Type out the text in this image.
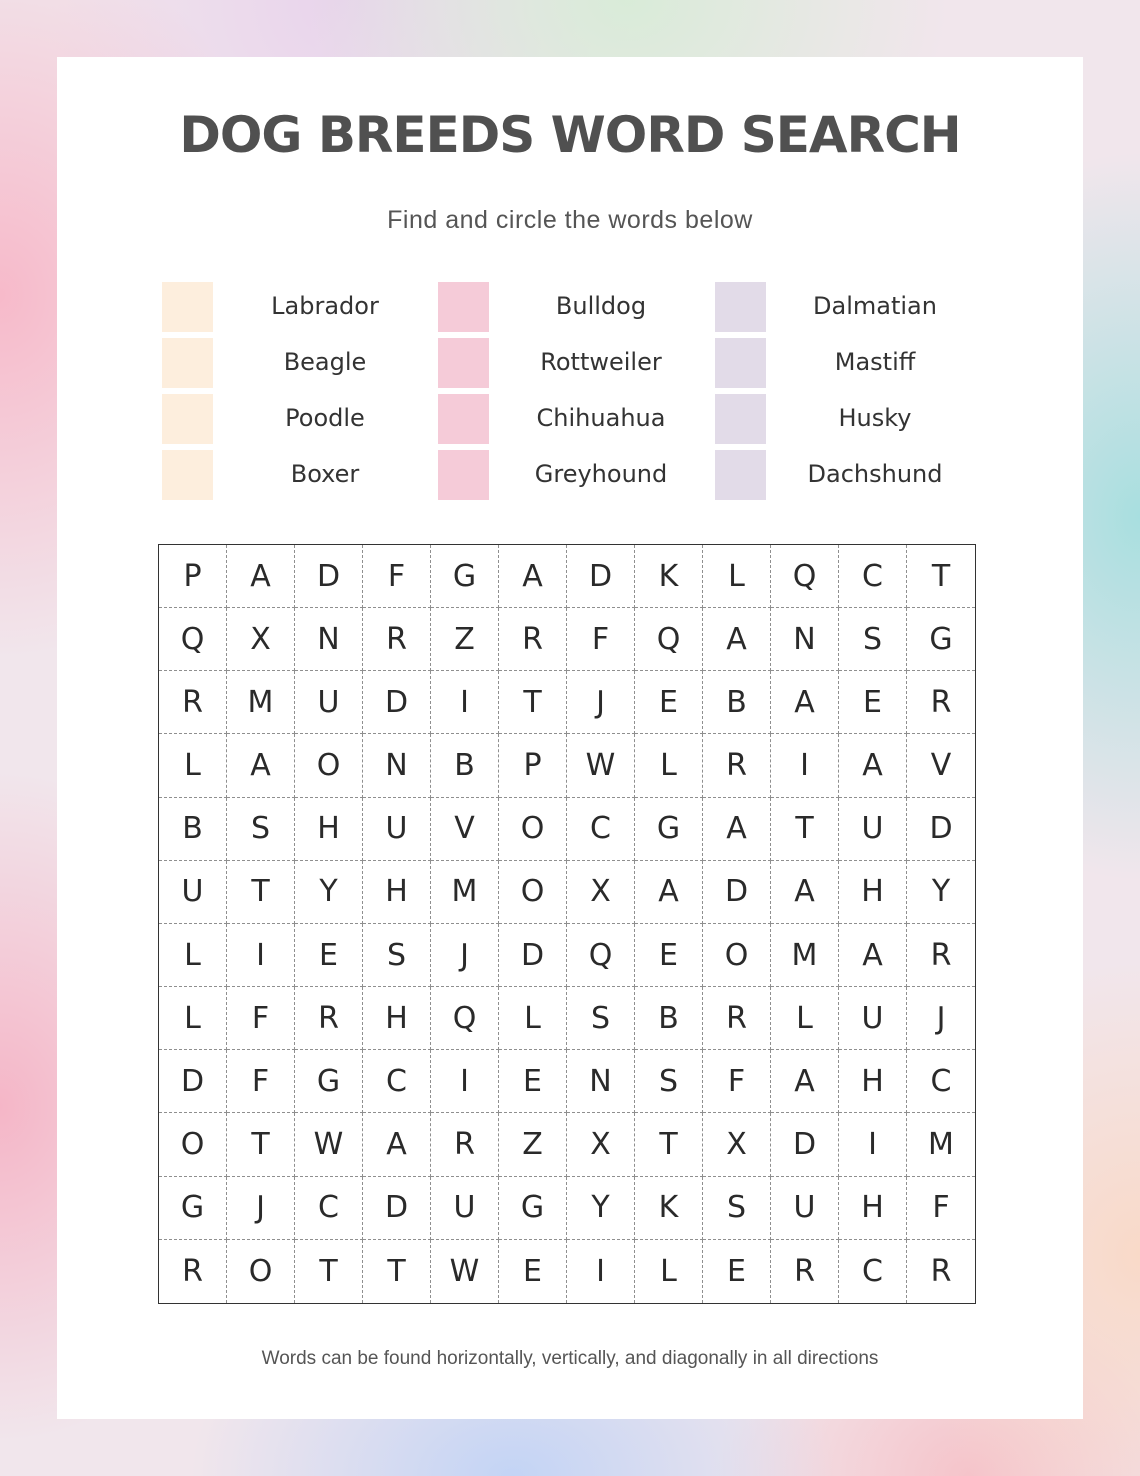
DOG BREEDS WORD SEARCH
Find and circle the words below
Labrador
Beagle
Poodle
Boxer
Bulldog
Rottweiler
Chihuahua
Greyhound
Dalmatian
Mastiff
Husky
Dachshund
P	A	D	F	G	A	D	K	L	Q	C	T
Q	X	N	R	Z	R	F	Q	A	N	S	G
R	M	U	D	I	T	J	E	B	A	E	R
L	A	O	N	B	P	W	L	R	I	A	V
B	S	H	U	V	O	C	G	A	T	U	D
U	T	Y	H	M	O	X	A	D	A	H	Y
L	I	E	S	J	D	Q	E	O	M	A	R
L	F	R	H	Q	L	S	B	R	L	U	J
D	F	G	C	I	E	N	S	F	A	H	C
O	T	W	A	R	Z	X	T	X	D	I	M
G	J	C	D	U	G	Y	K	S	U	H	F
R	O	T	T	W	E	I	L	E	R	C	R
Words can be found horizontally, vertically, and diagonally in all directions
